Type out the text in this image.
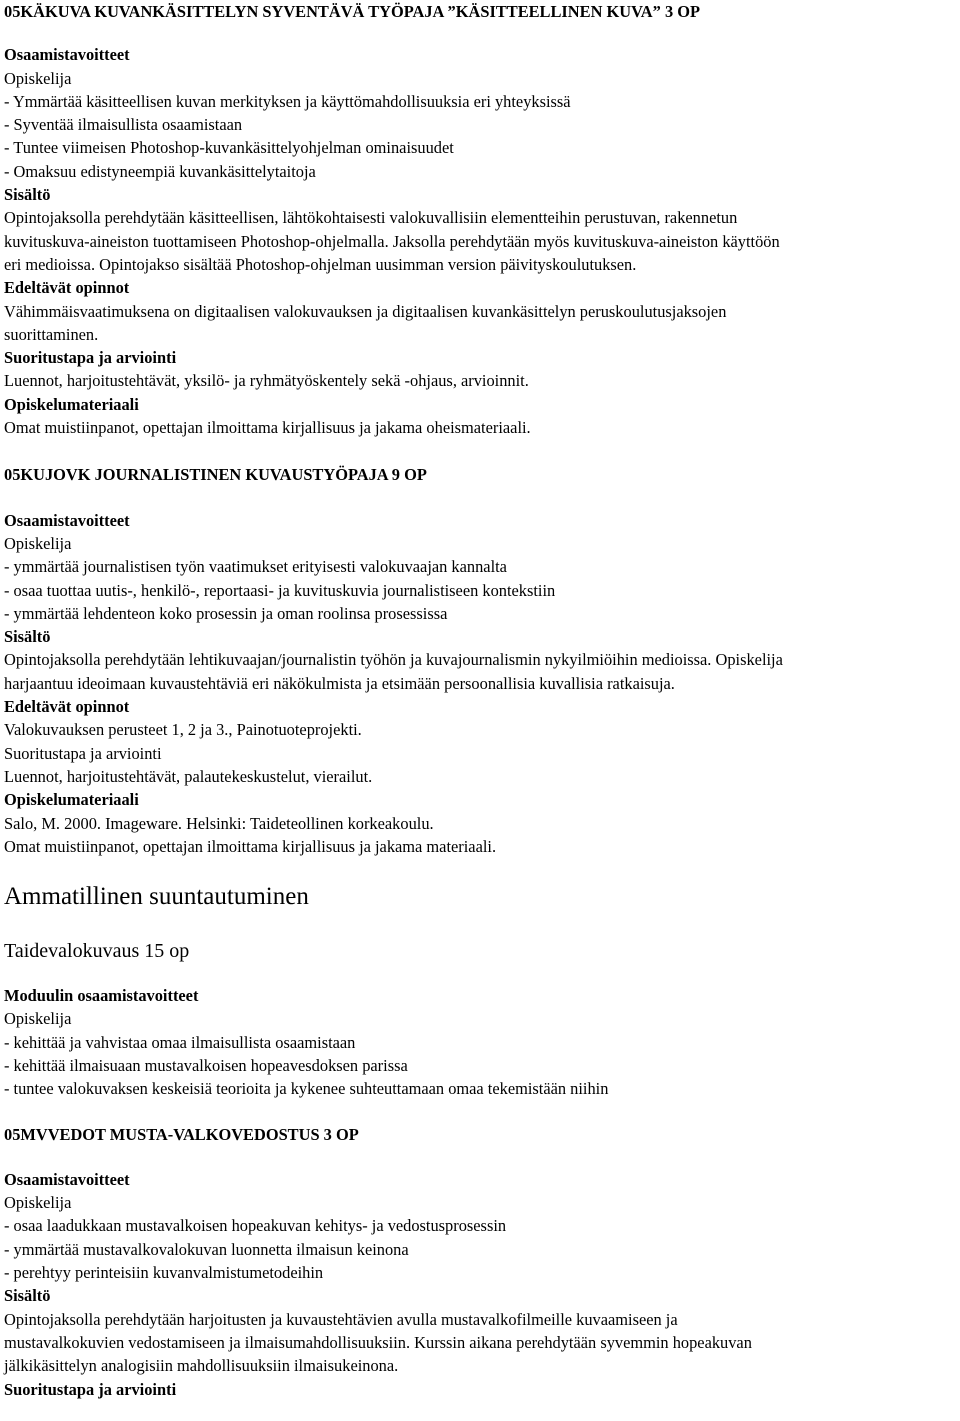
05KÄKUVA KUVANKÄSITTELYN SYVENTÄVÄ TYÖPAJA ”KÄSITTEELLINEN KUVA” 3 OP
Osaamistavoitteet
Opiskelija
- Ymmärtää käsitteellisen kuvan merkityksen ja käyttömahdollisuuksia eri yhteyksissä
- Syventää ilmaisullista osaamistaan
- Tuntee viimeisen Photoshop-kuvankäsittelyohjelman ominaisuudet
- Omaksuu edistyneempiä kuvankäsittelytaitoja
Sisältö
Opintojaksolla perehdytään käsitteellisen, lähtökohtaisesti valokuvallisiin elementteihin perustuvan, rakennetun
kuvituskuva-aineiston tuottamiseen Photoshop-ohjelmalla. Jaksolla perehdytään myös kuvituskuva-aineiston käyttöön
eri medioissa. Opintojakso sisältää Photoshop-ohjelman uusimman version päivityskoulutuksen.
Edeltävät opinnot
Vähimmäisvaatimuksena on digitaalisen valokuvauksen ja digitaalisen kuvankäsittelyn peruskoulutusjaksojen
suorittaminen.
Suoritustapa ja arviointi
Luennot, harjoitustehtävät, yksilö- ja ryhmätyöskentely sekä -ohjaus, arvioinnit.
Opiskelumateriaali
Omat muistiinpanot, opettajan ilmoittama kirjallisuus ja jakama oheismateriaali.
05KUJOVK JOURNALISTINEN KUVAUSTYÖPAJA 9 OP
Osaamistavoitteet
Opiskelija
- ymmärtää journalistisen työn vaatimukset erityisesti valokuvaajan kannalta
- osaa tuottaa uutis-, henkilö-, reportaasi- ja kuvituskuvia journalistiseen kontekstiin
- ymmärtää lehdenteon koko prosessin ja oman roolinsa prosessissa
Sisältö
Opintojaksolla perehdytään lehtikuvaajan/journalistin työhön ja kuvajournalismin nykyilmiöihin medioissa. Opiskelija
harjaantuu ideoimaan kuvaustehtäviä eri näkökulmista ja etsimään persoonallisia kuvallisia ratkaisuja.
Edeltävät opinnot
Valokuvauksen perusteet 1, 2 ja 3., Painotuoteprojekti.
Suoritustapa ja arviointi
Luennot, harjoitustehtävät, palautekeskustelut, vierailut.
Opiskelumateriaali
Salo, M. 2000. Imageware. Helsinki: Taideteollinen korkeakoulu.
Omat muistiinpanot, opettajan ilmoittama kirjallisuus ja jakama materiaali.
Ammatillinen suuntautuminen
Taidevalokuvaus 15 op
Moduulin osaamistavoitteet
Opiskelija
- kehittää ja vahvistaa omaa ilmaisullista osaamistaan
- kehittää ilmaisuaan mustavalkoisen hopeavesdoksen parissa
- tuntee valokuvaksen keskeisiä teorioita ja kykenee suhteuttamaan omaa tekemistään niihin
05MVVEDOT MUSTA-VALKOVEDOSTUS 3 OP
Osaamistavoitteet
Opiskelija
- osaa laadukkaan mustavalkoisen hopeakuvan kehitys- ja vedostusprosessin
- ymmärtää mustavalkovalokuvan luonnetta ilmaisun keinona
- perehtyy perinteisiin kuvanvalmistumetodeihin
Sisältö
Opintojaksolla perehdytään harjoitusten ja kuvaustehtävien avulla mustavalkofilmeille kuvaamiseen ja
mustavalkokuvien vedostamiseen ja ilmaisumahdollisuuksiin. Kurssin aikana perehdytään syvemmin hopeakuvan
jälkikäsittelyn analogisiin mahdollisuuksiin ilmaisukeinona.
Suoritustapa ja arviointi
